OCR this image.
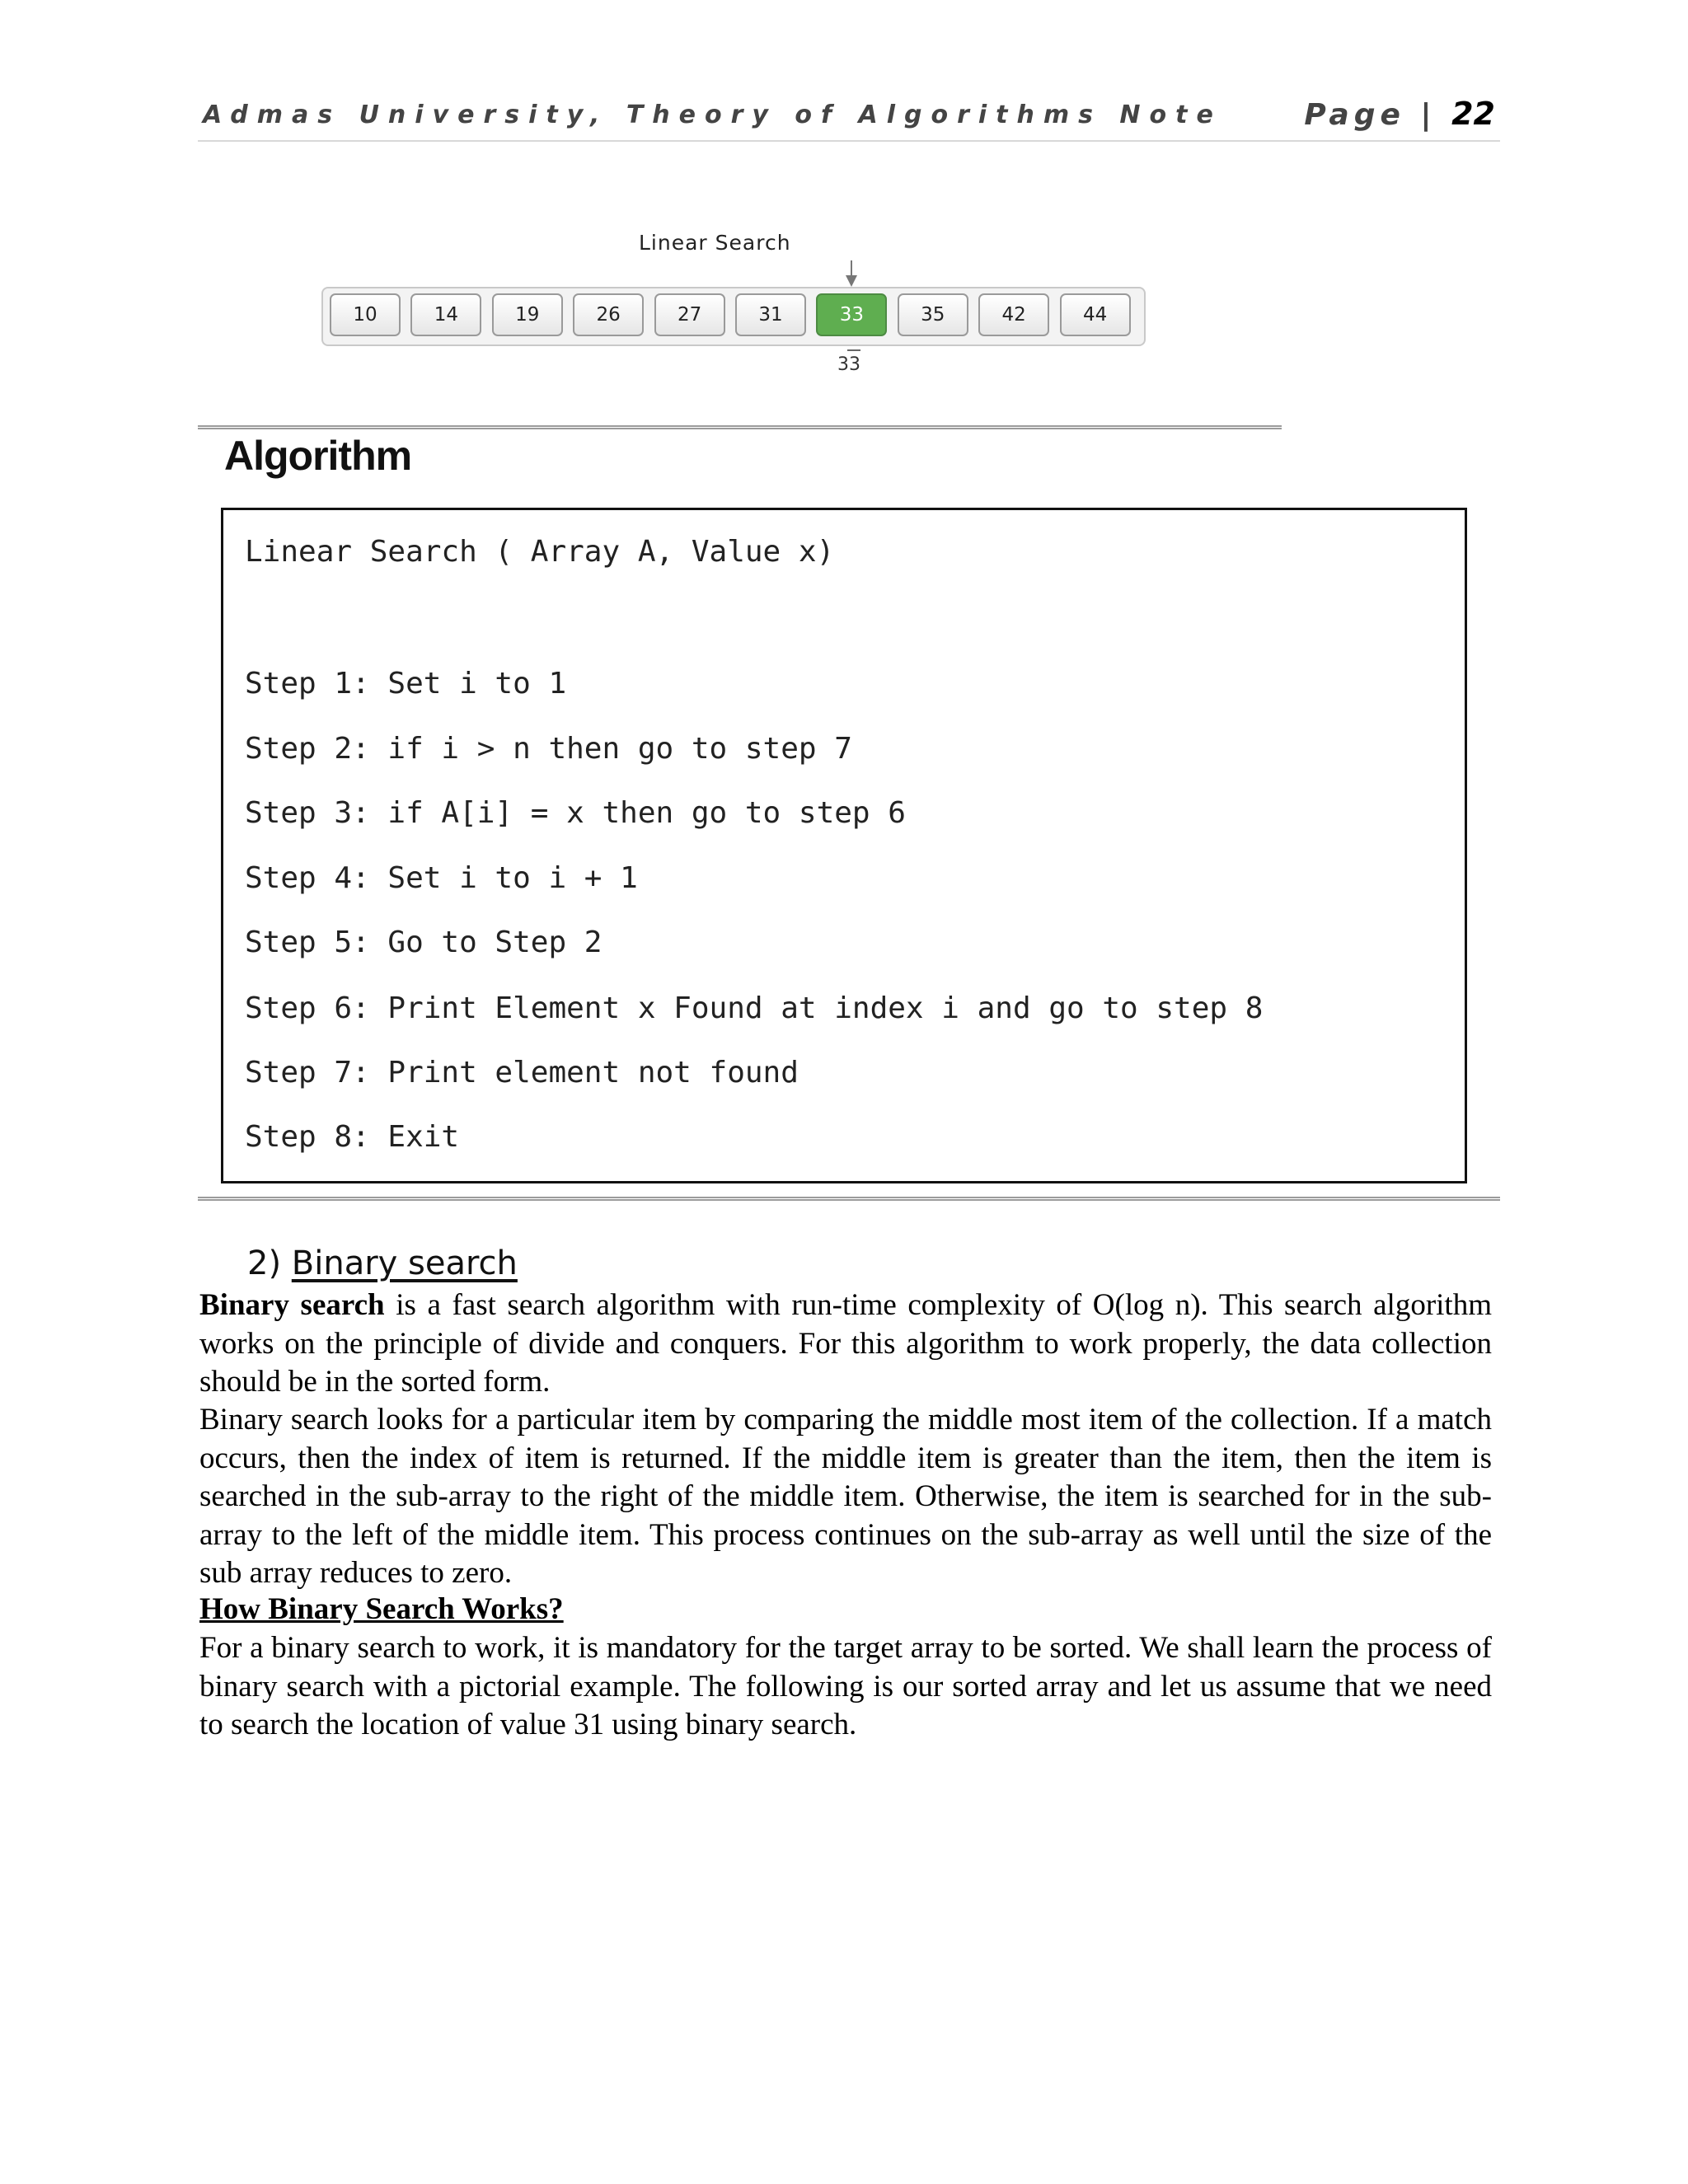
Admas University, Theory of Algorithms Note	Page | 22
Linear Search
10	14	19	26	27	31	33	35	42	44
33
Algorithm
Linear Search ( Array A, Value x)
Step 1: Set i to 1
Step 2: if i > n then go to step 7
Step 3: if A[i] = x then go to step 6
Step 4: Set i to i + 1
Step 5: Go to Step 2
Step 6: Print Element x Found at index i and go to step 8
Step 7: Print element not found
Step 8: Exit
2) Binary search
Binary search is a fast search algorithm with run-time complexity of O(log n). This search algorithm works on the principle of divide and conquers. For this algorithm to work properly, the data collection should be in the sorted form.
Binary search looks for a particular item by comparing the middle most item of the collection. If a match occurs, then the index of item is returned. If the middle item is greater than the item, then the item is searched in the sub-array to the right of the middle item. Otherwise, the item is searched for in the sub-array to the left of the middle item. This process continues on the sub-array as well until the size of the sub array reduces to zero.
How Binary Search Works?
For a binary search to work, it is mandatory for the target array to be sorted. We shall learn the process of binary search with a pictorial example. The following is our sorted array and let us assume that we need to search the location of value 31 using binary search.
